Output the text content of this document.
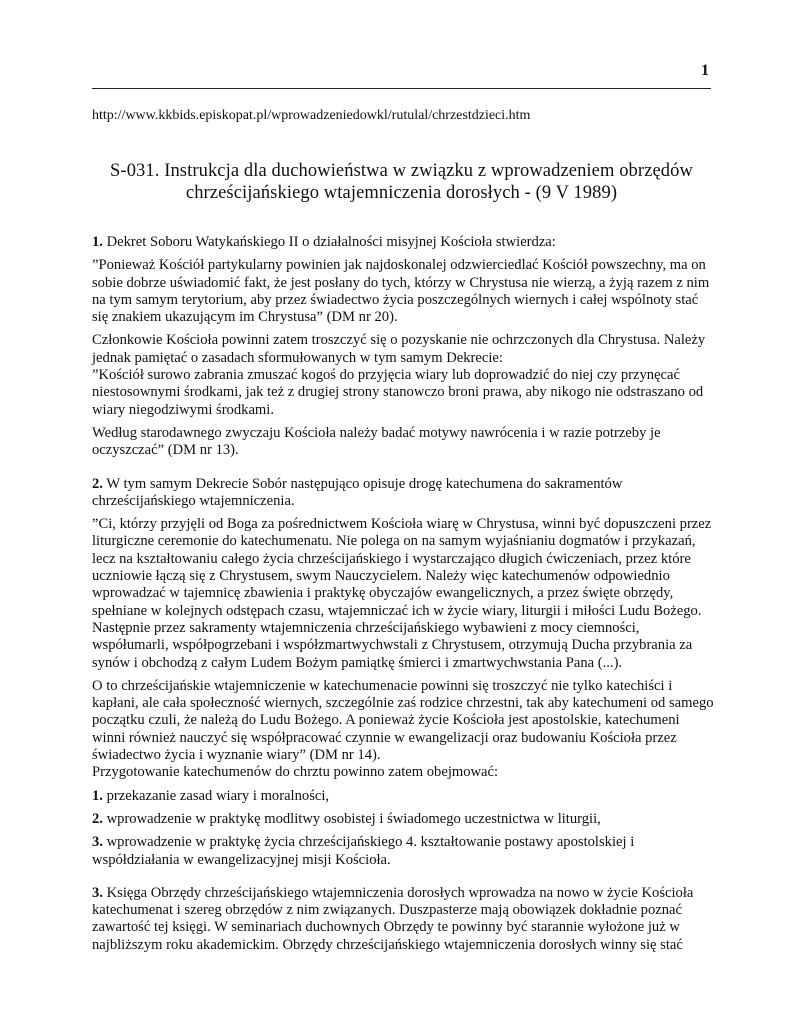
1
http://www.kkbids.episkopat.pl/wprowadzeniedowkl/rutulal/chrzestdzieci.htm
S-031. Instrukcja dla duchowieństwa w związku z wprowadzeniem obrzędów
chrześcijańskiego wtajemniczenia dorosłych - (9 V 1989)

1. Dekret Soboru Watykańskiego II o działalności misyjnej Kościoła stwierdza:

”Ponieważ Kościół partykularny powinien jak najdoskonalej odzwierciedlać Kościół powszechny, ma on sobie dobrze uświadomić fakt, że jest posłany do tych, którzy w Chrystusa nie wierzą, a żyją razem z nim na tym samym terytorium, aby przez świadectwo życia poszczególnych wiernych i całej wspólnoty stać się znakiem ukazującym im Chrystusa” (DM nr 20).

Członkowie Kościoła powinni zatem troszczyć się o pozyskanie nie ochrzczonych dla Chrystusa. Należy jednak pamiętać o zasadach sformułowanych w tym samym Dekrecie:

”Kościół surowo zabrania zmuszać kogoś do przyjęcia wiary lub doprowadzić do niej czy przynęcać niestosownymi środkami, jak też z drugiej strony stanowczo broni prawa, aby nikogo nie odstraszano od wiary niegodziwymi środkami.

Według starodawnego zwyczaju Kościoła należy badać motywy nawrócenia i w razie potrzeby je oczyszczać” (DM nr 13).

2. W tym samym Dekrecie Sobór następująco opisuje drogę katechumena do sakramentów chrześcijańskiego wtajemniczenia.

”Ci, którzy przyjęli od Boga za pośrednictwem Kościoła wiarę w Chrystusa, winni być dopuszczeni przez liturgiczne ceremonie do katechumenatu. Nie polega on na samym wyjaśnianiu dogmatów i przykazań, lecz na kształtowaniu całego życia chrześcijańskiego i wystarczająco długich ćwiczeniach, przez które uczniowie łączą się z Chrystusem, swym Nauczycielem. Należy więc katechumenów odpowiednio wprowadzać w tajemnicę zbawienia i praktykę obyczajów ewangelicznych, a przez święte obrzędy, spełniane w kolejnych odstępach czasu, wtajemniczać ich w życie wiary, liturgii i miłości Ludu Bożego. Następnie przez sakramenty wtajemniczenia chrześcijańskiego wybawieni z mocy ciemności, współumarli, współpogrzebani i współzmartwychwstali z Chrystusem, otrzymują Ducha przybrania za synów i obchodzą z całym Ludem Bożym pamiątkę śmierci i zmartwychwstania Pana (...).

O to chrześcijańskie wtajemniczenie w katechumenacie powinni się troszczyć nie tylko katechiści i kapłani, ale cała społeczność wiernych, szczególnie zaś rodzice chrzestni, tak aby katechumeni od samego początku czuli, że należą do Ludu Bożego. A ponieważ życie Kościoła jest apostolskie, katechumeni winni również nauczyć się współpracować czynnie w ewangelizacji oraz budowaniu Kościoła przez świadectwo życia i wyznanie wiary” (DM nr 14).

Przygotowanie katechumenów do chrztu powinno zatem obejmować:

1. przekazanie zasad wiary i moralności,

2. wprowadzenie w praktykę modlitwy osobistej i świadomego uczestnictwa w liturgii,

3. wprowadzenie w praktykę życia chrześcijańskiego 4. kształtowanie postawy apostolskiej i współdziałania w ewangelizacyjnej misji Kościoła.

3. Księga Obrzędy chrześcijańskiego wtajemniczenia dorosłych wprowadza na nowo w życie Kościoła katechumenat i szereg obrzędów z nim związanych. Duszpasterze mają obowiązek dokładnie poznać zawartość tej księgi. W seminariach duchownych Obrzędy te powinny być starannie wyłożone już w najbliższym roku akademickim. Obrzędy chrześcijańskiego wtajemniczenia dorosłych winny się stać
